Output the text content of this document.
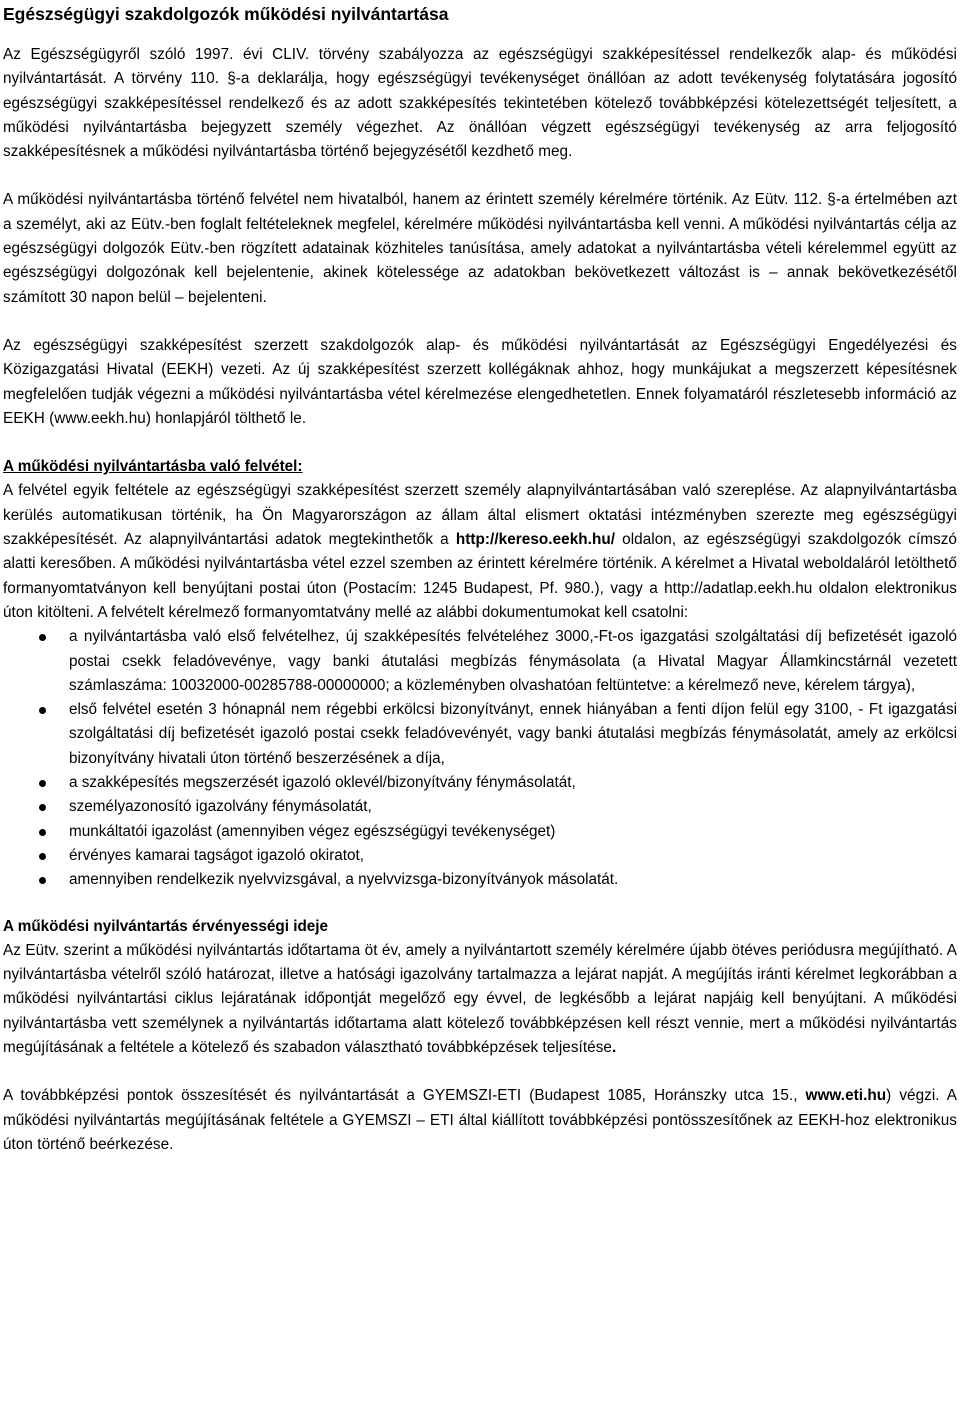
Egészségügyi szakdolgozók működési nyilvántartása

Az Egészségügyről szóló 1997. évi CLIV. törvény szabályozza az egészségügyi szakképesítéssel rendelkezők alap- és működési nyilvántartását. A törvény 110. §-a deklarálja, hogy egészségügyi tevékenységet önállóan az adott tevékenység folytatására jogosító egészségügyi szakképesítéssel rendelkező és az adott szakképesítés tekintetében kötelező továbbképzési kötelezettségét teljesített, a működési nyilvántartásba bejegyzett személy végezhet. Az önállóan végzett egészségügyi tevékenység az arra feljogosító szakképesítésnek a működési nyilvántartásba történő bejegyzésétől kezdhető meg.

A működési nyilvántartásba történő felvétel nem hivatalból, hanem az érintett személy kérelmére történik. Az Eütv. 112. §-a értelmében azt a személyt, aki az Eütv.-ben foglalt feltételeknek megfelel, kérelmére működési nyilvántartásba kell venni. A működési nyilvántartás célja az egészségügyi dolgozók Eütv.-ben rögzített adatainak közhiteles tanúsítása, amely adatokat a nyilvántartásba vételi kérelemmel együtt az egészségügyi dolgozónak kell bejelentenie, akinek kötelessége az adatokban bekövetkezett változást is – annak bekövetkezésétől számított 30 napon belül – bejelenteni.

Az egészségügyi szakképesítést szerzett szakdolgozók alap- és működési nyilvántartását az Egészségügyi Engedélyezési és Közigazgatási Hivatal (EEKH) vezeti. Az új szakképesítést szerzett kollégáknak ahhoz, hogy munkájukat a megszerzett képesítésnek megfelelően tudják végezni a működési nyilvántartásba vétel kérelmezése elengedhetetlen. Ennek folyamatáról részletesebb információ az EEKH (www.eekh.hu) honlapjáról tölthető le.

A működési nyilvántartásba való felvétel:

A felvétel egyik feltétele az egészségügyi szakképesítést szerzett személy alapnyilvántartásában való szereplése. Az alapnyilvántartásba kerülés automatikusan történik, ha Ön Magyarországon az állam által elismert oktatási intézményben szerezte meg egészségügyi szakképesítését. Az alapnyilvántartási adatok megtekinthetők a http://kereso.eekh.hu/ oldalon, az egészségügyi szakdolgozók címszó alatti keresőben. A működési nyilvántartásba vétel ezzel szemben az érintett kérelmére történik. A kérelmet a Hivatal weboldaláról letölthető formanyomtatványon kell benyújtani postai úton (Postacím: 1245 Budapest, Pf. 980.), vagy a http://adatlap.eekh.hu oldalon elektronikus úton kitölteni. A felvételt kérelmező formanyomtatvány mellé az alábbi dokumentumokat kell csatolni:

a nyilvántartásba való első felvételhez, új szakképesítés felvételéhez 3000,-Ft-os igazgatási szolgáltatási díj befizetését igazoló postai csekk feladóvevénye, vagy banki átutalási megbízás fénymásolata (a Hivatal Magyar Államkincstárnál vezetett számlaszáma: 10032000-00285788-00000000; a közleményben olvashatóan feltüntetve: a kérelmező neve, kérelem tárgya),
első felvétel esetén 3 hónapnál nem régebbi erkölcsi bizonyítványt, ennek hiányában a fenti díjon felül egy 3100, - Ft igazgatási szolgáltatási díj befizetését igazoló postai csekk feladóvevényét, vagy banki átutalási megbízás fénymásolatát, amely az erkölcsi bizonyítvány hivatali úton történő beszerzésének a díja,
a szakképesítés megszerzését igazoló oklevél/bizonyítvány fénymásolatát,
személyazonosító igazolvány fénymásolatát,
munkáltatói igazolást (amennyiben végez egészségügyi tevékenységet)
érvényes kamarai tagságot igazoló okiratot,
amennyiben rendelkezik nyelvvizsgával, a nyelvvizsga-bizonyítványok másolatát.
A működési nyilvántartás érvényességi ideje

Az Eütv. szerint a működési nyilvántartás időtartama öt év, amely a nyilvántartott személy kérelmére újabb ötéves periódusra megújítható. A nyilvántartásba vételről szóló határozat, illetve a hatósági igazolvány tartalmazza a lejárat napját. A megújítás iránti kérelmet legkorábban a működési nyilvántartási ciklus lejáratának időpontját megelőző egy évvel, de legkésőbb a lejárat napjáig kell benyújtani. A működési nyilvántartásba vett személynek a nyilvántartás időtartama alatt kötelező továbbképzésen kell részt vennie, mert a működési nyilvántartás megújításának a feltétele a kötelező és szabadon választható továbbképzések teljesítése.

A továbbképzési pontok összesítését és nyilvántartását a GYEMSZI-ETI (Budapest 1085, Horánszky utca 15., www.eti.hu) végzi. A működési nyilvántartás megújításának feltétele a GYEMSZI – ETI által kiállított továbbképzési pontösszesítőnek az EEKH-hoz elektronikus úton történő beérkezése.
